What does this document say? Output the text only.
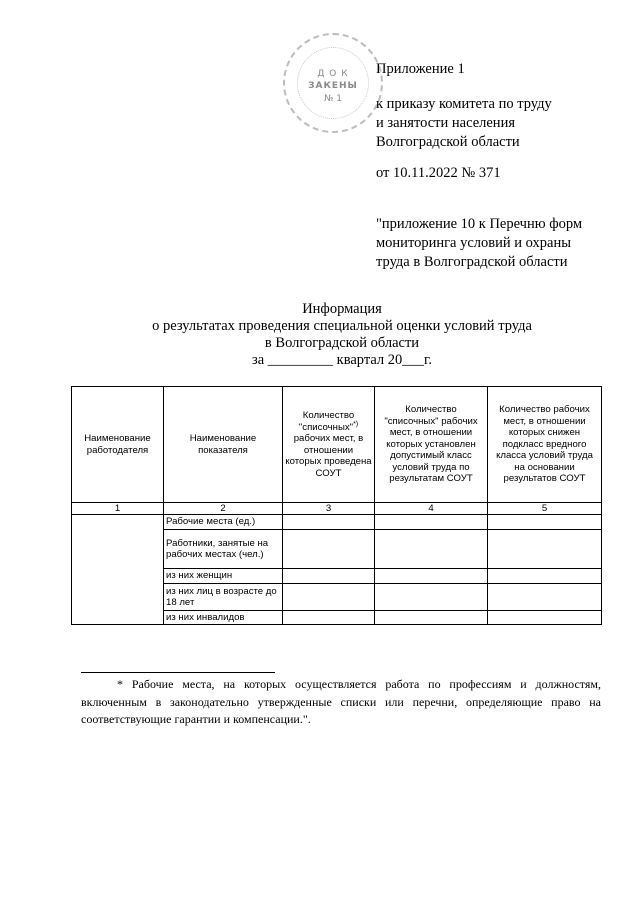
Д О К
ЗАКЕНЫ
№ 1
Приложение 1
к приказу комитета по труду
и занятости населения
Волгоградской области
от 10.11.2022 № 371
"приложение 10 к Перечню форм
мониторинга условий и охраны
труда в Волгоградской области
Информация
о результатах проведения специальной оценки условий труда
в Волгоградской области
за _________ квартал 20___г.
Наименование работодателя	Наименование показателя	Количество "списочных"*) рабочих мест, в отношении которых проведена СОУТ	Количество "списочных" рабочих мест, в отношении которых установлен допустимый класс условий труда по результатам СОУТ	Количество рабочих мест, в отношении которых снижен подкласс вредного класса условий труда на основании результатов СОУТ
1	2	3	4	5
	Рабочие места (ед.)			
	Работники, занятые на рабочих местах (чел.)			
	из них женщин			
	из них лиц в возрасте до 18 лет			
	из них инвалидов			
* Рабочие места, на которых осуществляется работа по профессиям и должностям, включенным в законодательно утвержденные списки или перечни, определяющие право на соответствующие гарантии и компенсации.".
